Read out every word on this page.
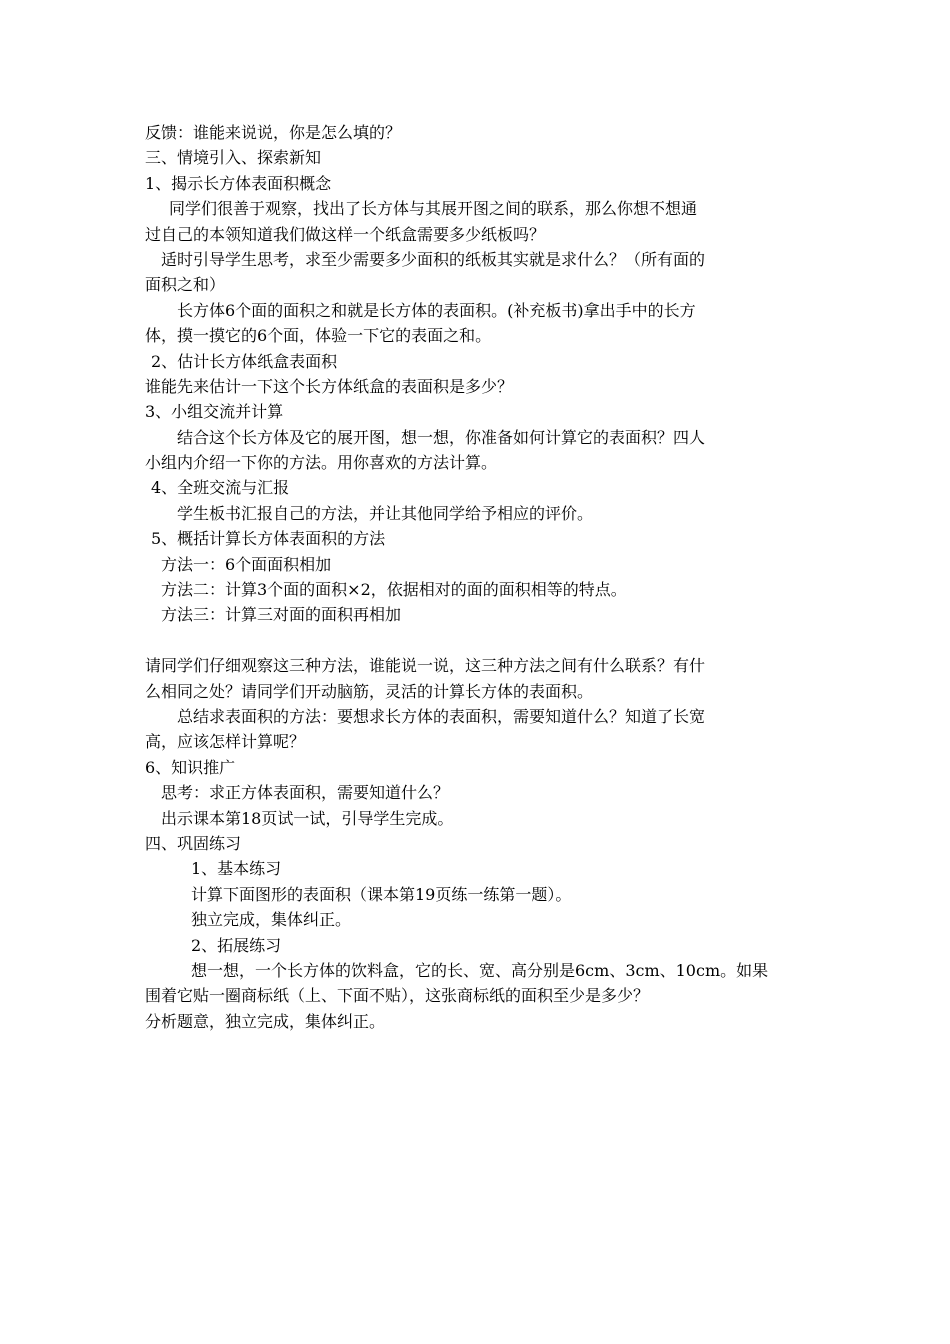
反馈：谁能来说说，你是怎么填的？

三、情境引入、探索新知

1、揭示长方体表面积概念

同学们很善于观察，找出了长方体与其展开图之间的联系，那么你想不想通

过自己的本领知道我们做这样一个纸盒需要多少纸板吗？

适时引导学生思考，求至少需要多少面积的纸板其实就是求什么？（所有面的

面积之和）

长方体6个面的面积之和就是长方体的表面积。(补充板书)拿出手中的长方

体，摸一摸它的6个面，体验一下它的表面之和。

2、估计长方体纸盒表面积

谁能先来估计一下这个长方体纸盒的表面积是多少？

3、小组交流并计算

结合这个长方体及它的展开图，想一想，你准备如何计算它的表面积？四人

小组内介绍一下你的方法。用你喜欢的方法计算。

4、全班交流与汇报

学生板书汇报自己的方法，并让其他同学给予相应的评价。

5、概括计算长方体表面积的方法

方法一：6个面面积相加

方法二：计算3个面的面积×2，依据相对的面的面积相等的特点。

方法三：计算三对面的面积再相加

请同学们仔细观察这三种方法，谁能说一说，这三种方法之间有什么联系？有什

么相同之处？请同学们开动脑筋，灵活的计算长方体的表面积。

总结求表面积的方法：要想求长方体的表面积，需要知道什么？知道了长宽

高，应该怎样计算呢？

6、知识推广

思考：求正方体表面积，需要知道什么？

出示课本第18页试一试，引导学生完成。

四、巩固练习

1、基本练习

计算下面图形的表面积（课本第19页练一练第一题）。

独立完成，集体纠正。

2、拓展练习

想一想，一个长方体的饮料盒，它的长、宽、高分别是6cm、3cm、10cm。如果

围着它贴一圈商标纸（上、下面不贴），这张商标纸的面积至少是多少？

分析题意，独立完成，集体纠正。
